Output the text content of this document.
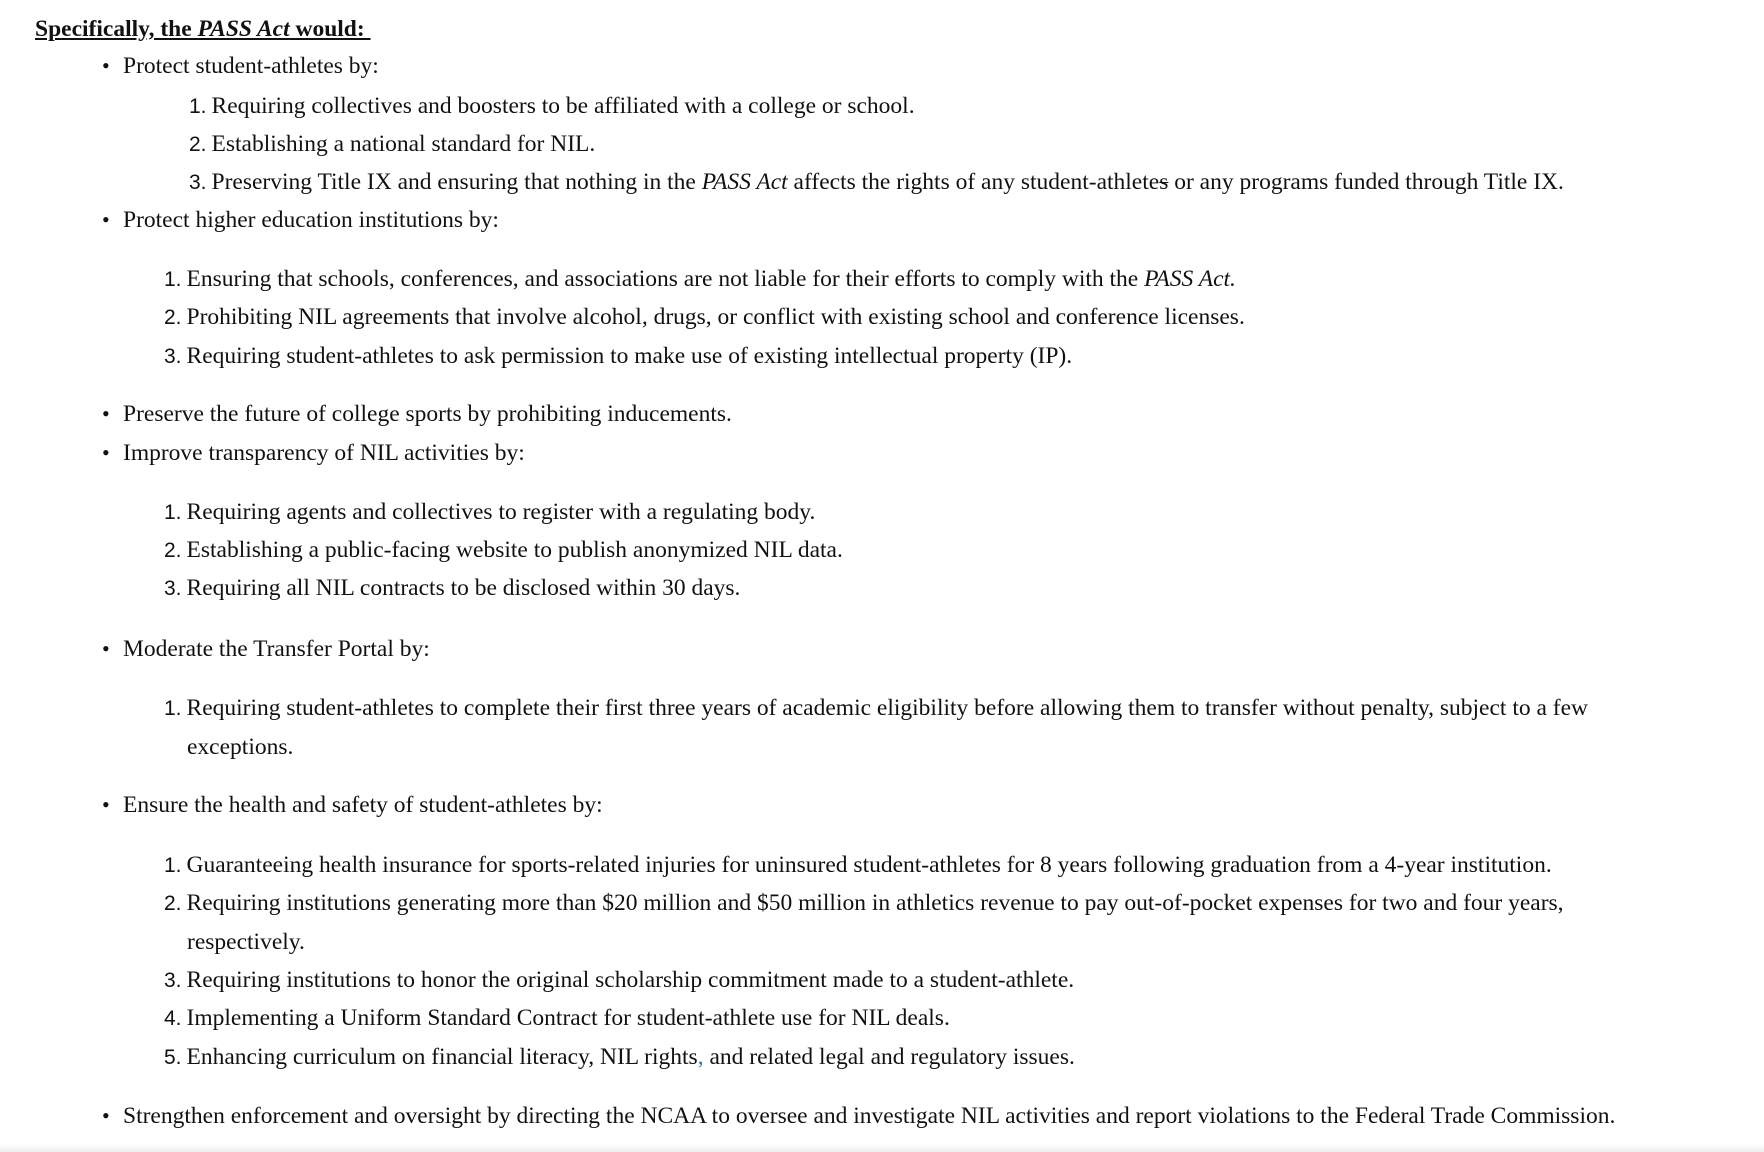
Specifically, the PASS Act would:
• Protect student-athletes by:
1. Requiring collectives and boosters to be affiliated with a college or school.
2. Establishing a national standard for NIL.
3. Preserving Title IX and ensuring that nothing in the PASS Act affects the rights of any student-athletes or any programs funded through Title IX.
• Protect higher education institutions by:
1. Ensuring that schools, conferences, and associations are not liable for their efforts to comply with the PASS Act.
2. Prohibiting NIL agreements that involve alcohol, drugs, or conflict with existing school and conference licenses.
3. Requiring student-athletes to ask permission to make use of existing intellectual property (IP).
• Preserve the future of college sports by prohibiting inducements.
• Improve transparency of NIL activities by:
1. Requiring agents and collectives to register with a regulating body.
2. Establishing a public-facing website to publish anonymized NIL data.
3. Requiring all NIL contracts to be disclosed within 30 days.
• Moderate the Transfer Portal by:
1. Requiring student-athletes to complete their first three years of academic eligibility before allowing them to transfer without penalty, subject to a few
exceptions.
• Ensure the health and safety of student-athletes by:
1. Guaranteeing health insurance for sports-related injuries for uninsured student-athletes for 8 years following graduation from a 4-year institution.
2. Requiring institutions generating more than $20 million and $50 million in athletics revenue to pay out-of-pocket expenses for two and four years,
respectively.
3. Requiring institutions to honor the original scholarship commitment made to a student-athlete.
4. Implementing a Uniform Standard Contract for student-athlete use for NIL deals.
5. Enhancing curriculum on financial literacy, NIL rights, and related legal and regulatory issues.
• Strengthen enforcement and oversight by directing the NCAA to oversee and investigate NIL activities and report violations to the Federal Trade Commission.
